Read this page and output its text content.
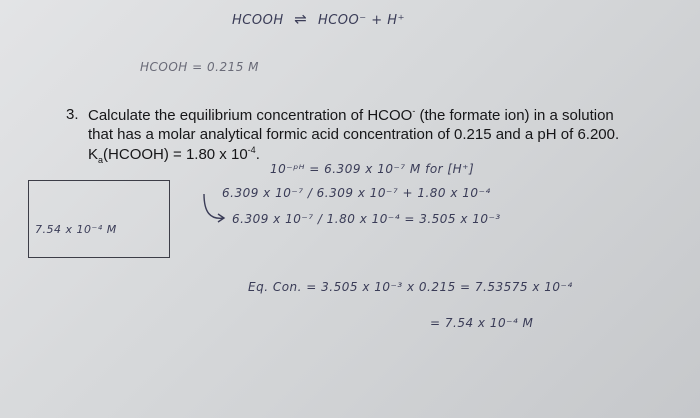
HCOOH ⇌ HCOO⁻ + H⁺
HCOOH = 0.215 M
3. Calculate the equilibrium concentration of HCOO- (the formate ion) in a solution
that has a molar analytical formic acid concentration of 0.215 and a pH of 6.200.
$K_a(HCOOH) = 1.80$ x $10^{-4}$.
10⁻ᵖᴴ = 6.309 x 10⁻⁷ M for [H⁺]
6.309 x 10⁻⁷ / 6.309 x 10⁻⁷ + 1.80 x 10⁻⁴
6.309 x 10⁻⁷ / 1.80 x 10⁻⁴ = 3.505 x 10⁻³
Eq. Con. = 3.505 x 10⁻³ x 0.215 = 7.53575 x 10⁻⁴
= 7.54 x 10⁻⁴ M
7.54 x 10⁻⁴ M
